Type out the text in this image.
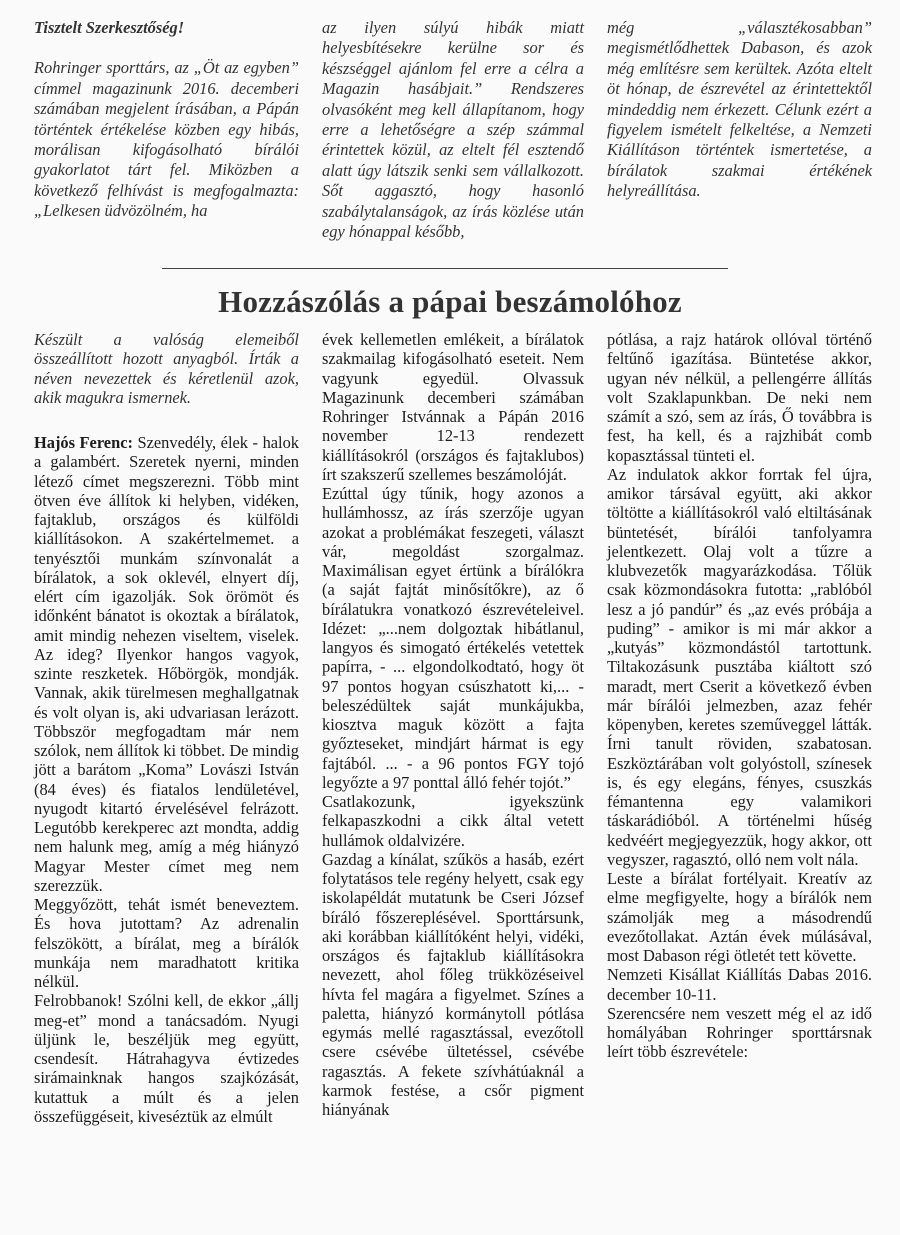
Tisztelt Szerkesztőség!

Rohringer sporttárs, az „Öt az egyben” címmel magazinunk 2016. decemberi számában megjelent írásában, a Pápán történtek értékelése közben egy hibás, morálisan kifogásolható bírálói gyakorlatot tárt fel. Miközben a következő felhívást is megfogalmazta: „Lelkesen üdvözölném, ha

az ilyen súlyú hibák miatt helyesbítésekre kerülne sor és készséggel ajánlom fel erre a célra a Magazin hasábjait.” Rendszeres olvasóként meg kell állapítanom, hogy erre a lehetőségre a szép számmal érintettek közül, az eltelt fél esztendő alatt úgy látszik senki sem vállalkozott. Sőt aggasztó, hogy hasonló szabálytalanságok, az írás közlése után egy hónappal később,

még „választékosabban” megismétlődhettek Dabason, és azok még említésre sem kerültek. Azóta eltelt öt hónap, de észrevétel az érintettektől mindeddig nem érkezett. Célunk ezért a figyelem ismételt felkeltése, a Nemzeti Kiállításon történtek ismertetése, a bírálatok szakmai értékének helyreállítása.

Hozzászólás a pápai beszámolóhoz

Készült a valóság elemeiből összeállított hozott anyagból. Írták a néven nevezettek és kéretlenül azok, akik magukra ismernek.

Hajós Ferenc: Szenvedély, élek - halok a galambért. Szeretek nyerni, minden létező címet megszerezni. Több mint ötven éve állítok ki helyben, vidéken, fajtaklub, országos és külföldi kiállításokon. A szakértelmemet. a tenyésztői munkám színvonalát a bírálatok, a sok oklevél, elnyert díj, elért cím igazolják. Sok örömöt és időnként bánatot is okoztak a bírálatok, amit mindig nehezen viseltem, viselek. Az ideg? Ilyenkor hangos vagyok, szinte reszketek. Hőbörgök, mondják. Vannak, akik türelmesen meghallgatnak és volt olyan is, aki udvariasan lerázott. Többször megfogadtam már nem szólok, nem állítok ki többet. De mindig jött a barátom „Koma” Lovászi István (84 éves) és fiatalos lendületével, nyugodt kitartó érvelésével felrázott. Legutóbb kerekperec azt mondta, addig nem halunk meg, amíg a még hiányzó Magyar Mester címet meg nem szerezzük.

Meggyőzött, tehát ismét beneveztem. És hova jutottam? Az adrenalin felszökött, a bírálat, meg a bírálók munkája nem maradhatott kritika nélkül.

Felrobbanok! Szólni kell, de ekkor „állj meg-et” mond a tanácsadóm. Nyugi üljünk le, beszéljük meg együtt, csendesít. Hátrahagyva évtizedes sirámainknak hangos szajkózását, kutattuk a múlt és a jelen összefüggéseit, kiveséztük az elmúlt

évek kellemetlen emlékeit, a bírálatok szakmailag kifogásolható eseteit. Nem vagyunk egyedül. Olvassuk Magazinunk decemberi számában Rohringer Istvánnak a Pápán 2016 november 12-13 rendezett kiállításokról (országos és fajtaklubos) írt szakszerű szellemes beszámolóját.

Ezúttal úgy tűnik, hogy azonos a hullámhossz, az írás szerzője ugyan azokat a problémákat feszegeti, választ vár, megoldást szorgalmaz. Maximálisan egyet értünk a bírálókra (a saját fajtát minősítőkre), az ő bírálatukra vonatkozó észrevételeivel. Idézet: „...nem dolgoztak hibátlanul, langyos és simogató értékelés vetettek papírra, - ... elgondolkodtató, hogy öt 97 pontos hogyan csúszhatott ki,... - beleszédültek saját munkájukba, kiosztva maguk között a fajta győzteseket, mindjárt hármat is egy fajtából. ... - a 96 pontos FGY tojó legyőzte a 97 ponttal álló fehér tojót.”

Csatlakozunk, igyekszünk felkapaszkodni a cikk által vetett hullámok oldalvizére.

Gazdag a kínálat, szűkös a hasáb, ezért folytatásos tele regény helyett, csak egy iskolapéldát mutatunk be Cseri József bíráló főszereplésével. Sporttársunk, aki korábban kiállítóként helyi, vidéki, országos és fajtaklub kiállításokra nevezett, ahol főleg trükközéseivel hívta fel magára a figyelmet. Színes a paletta, hiányzó kormánytoll pótlása egymás mellé ragasztással, evezőtoll csere csévébe ültetéssel, csévébe ragasztás. A fekete szívhátúaknál a karmok festése, a csőr pigment hiányának

pótlása, a rajz határok ollóval történő feltűnő igazítása. Büntetése akkor, ugyan név nélkül, a pellengérre állítás volt Szaklapunkban. De neki nem számít a szó, sem az írás, Ő továbbra is fest, ha kell, és a rajzhibát comb kopasztással tünteti el.

Az indulatok akkor forrtak fel újra, amikor társával együtt, aki akkor töltötte a kiállításokról való eltiltásának büntetését, bírálói tanfolyamra jelentkezett. Olaj volt a tűzre a klubvezetők magyarázkodása. Tőlük csak közmondásokra futotta: „rablóból lesz a jó pandúr” és „az evés próbája a puding” - amikor is mi már akkor a „kutyás” közmondástól tartottunk. Tiltakozásunk pusztába kiáltott szó maradt, mert Cserit a következő évben már bírálói jelmezben, azaz fehér köpenyben, keretes szeműveggel látták. Írni tanult röviden, szabatosan. Eszköztárában volt golyóstoll, színesek is, és egy elegáns, fényes, csuszkás fémantenna egy valamikori táskarádióból. A történelmi hűség kedvéért megjegyezzük, hogy akkor, ott vegyszer, ragasztó, olló nem volt nála.

Leste a bírálat fortélyait. Kreatív az elme megfigyelte, hogy a bírálók nem számolják meg a másodrendű evezőtollakat. Aztán évek múlásával, most Dabason régi ötletét tett követte.

Nemzeti Kisállat Kiállítás Dabas 2016. december 10-11.

Szerencsére nem veszett még el az idő homályában Rohringer sporttársnak leírt több észrevétele:
